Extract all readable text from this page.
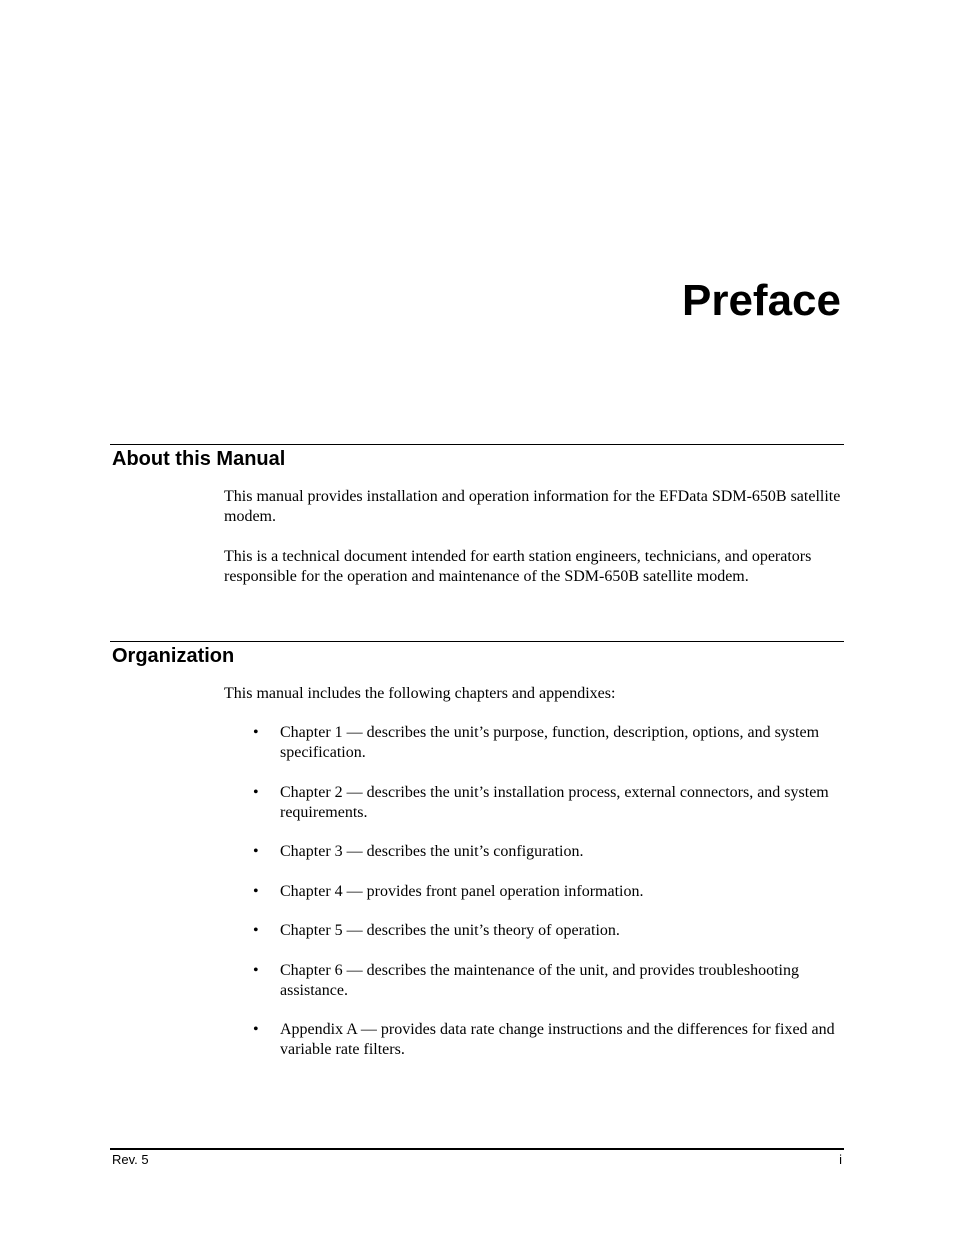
Preface
About this Manual

This manual provides installation and operation information for the EFData SDM-650B satellite modem.

This is a technical document intended for earth station engineers, technicians, and operators responsible for the operation and maintenance of the SDM-650B satellite modem.

Organization

This manual includes the following chapters and appendixes:

• Chapter 1 — describes the unit’s purpose, function, description, options, and system specification.
• Chapter 2 — describes the unit’s installation process, external connectors, and system requirements.
• Chapter 3 — describes the unit’s configuration.
• Chapter 4 — provides front panel operation information.
• Chapter 5 — describes the unit’s theory of operation.
• Chapter 6 — describes the maintenance of the unit, and provides troubleshooting assistance.
• Appendix A — provides data rate change instructions and the differences for fixed and variable rate filters.
Rev. 5	i
